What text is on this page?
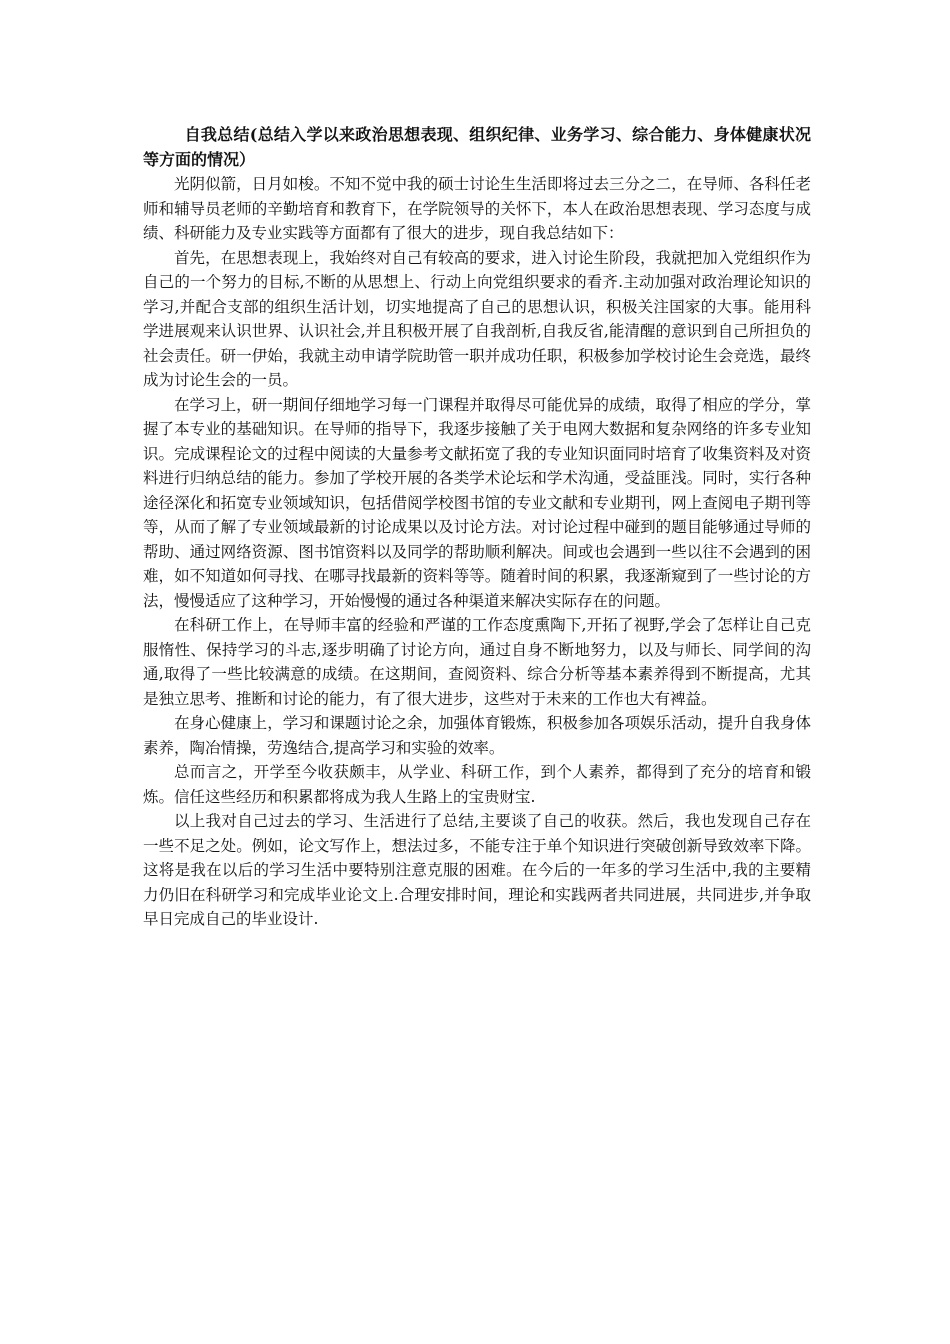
自我总结(总结入学以来政治思想表现、组织纪律、业务学习、综合能力、身体健康状况等方面的情况）

光阴似箭，日月如梭。不知不觉中我的硕士讨论生生活即将过去三分之二，在导师、各科任老师和辅导员老师的辛勤培育和教育下，在学院领导的关怀下，本人在政治思想表现、学习态度与成绩、科研能力及专业实践等方面都有了很大的进步，现自我总结如下：

首先，在思想表现上，我始终对自己有较高的要求，进入讨论生阶段，我就把加入党组织作为自己的一个努力的目标,不断的从思想上、行动上向党组织要求的看齐.主动加强对政治理论知识的学习,并配合支部的组织生活计划，切实地提高了自己的思想认识，积极关注国家的大事。能用科学进展观来认识世界、认识社会,并且积极开展了自我剖析,自我反省,能清醒的意识到自己所担负的社会责任。研一伊始，我就主动申请学院助管一职并成功任职，积极参加学校讨论生会竞选，最终成为讨论生会的一员。

在学习上，研一期间仔细地学习每一门课程并取得尽可能优异的成绩，取得了相应的学分，掌握了本专业的基础知识。在导师的指导下，我逐步接触了关于电网大数据和复杂网络的许多专业知识。完成课程论文的过程中阅读的大量参考文献拓宽了我的专业知识面同时培育了收集资料及对资料进行归纳总结的能力。参加了学校开展的各类学术论坛和学术沟通，受益匪浅。同时，实行各种途径深化和拓宽专业领域知识，包括借阅学校图书馆的专业文献和专业期刊，网上查阅电子期刊等等，从而了解了专业领域最新的讨论成果以及讨论方法。对讨论过程中碰到的题目能够通过导师的帮助、通过网络资源、图书馆资料以及同学的帮助顺利解决。间或也会遇到一些以往不会遇到的困难，如不知道如何寻找、在哪寻找最新的资料等等。随着时间的积累，我逐渐窥到了一些讨论的方法，慢慢适应了这种学习，开始慢慢的通过各种渠道来解决实际存在的问题。

在科研工作上，在导师丰富的经验和严谨的工作态度熏陶下,开拓了视野,学会了怎样让自己克服惰性、保持学习的斗志,逐步明确了讨论方向，通过自身不断地努力，以及与师长、同学间的沟通,取得了一些比较满意的成绩。在这期间，查阅资料、综合分析等基本素养得到不断提高，尤其是独立思考、推断和讨论的能力，有了很大进步，这些对于未来的工作也大有裨益。

在身心健康上，学习和课题讨论之余，加强体育锻炼，积极参加各项娱乐活动，提升自我身体素养，陶冶情操，劳逸结合,提高学习和实验的效率。

总而言之，开学至今收获颇丰，从学业、科研工作，到个人素养，都得到了充分的培育和锻炼。信任这些经历和积累都将成为我人生路上的宝贵财宝.

以上我对自己过去的学习、生活进行了总结,主要谈了自己的收获。然后，我也发现自己存在一些不足之处。例如，论文写作上，想法过多，不能专注于单个知识进行突破创新导致效率下降。这将是我在以后的学习生活中要特别注意克服的困难。在今后的一年多的学习生活中,我的主要精力仍旧在科研学习和完成毕业论文上.合理安排时间，理论和实践两者共同进展，共同进步,并争取早日完成自己的毕业设计.
